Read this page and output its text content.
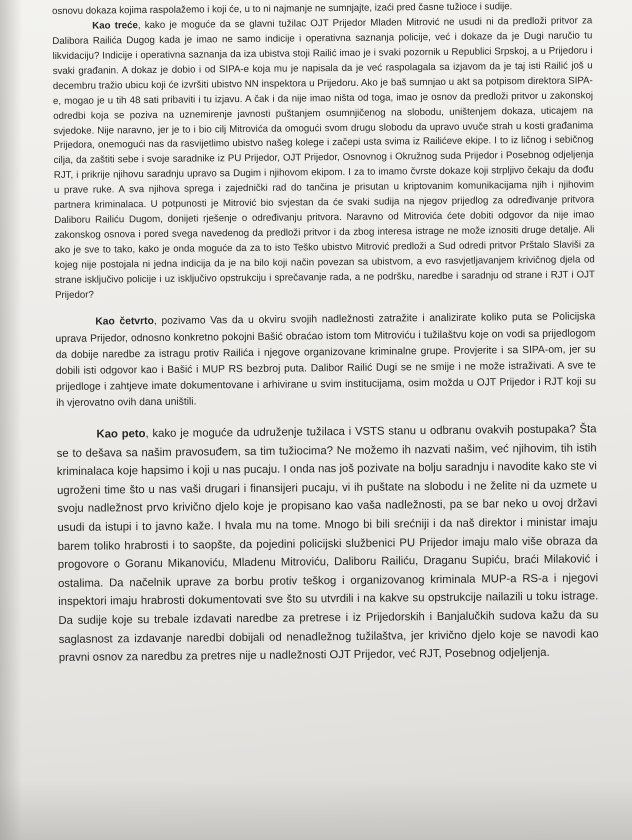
osnovu dokaza kojima raspolažemo i koji će, u to ni najmanje ne sumnjajte, izaći pred časne tužioce i sudije.

Kao treće, kako je moguće da se glavni tužilac OJT Prijedor Mladen Mitrović ne usudi ni da predloži pritvor za Dalibora Railića Dugog kada je imao ne samo indicije i operativna saznanja policije, već i dokaze da je Dugi naručio tu likvidaciju? Indicije i operativna saznanja da iza ubistva stoji Railić imao je i svaki pozornik u Republici Srpskoj, a u Prijedoru i svaki građanin. A dokaz je dobio i od SIPA-e koja mu je napisala da je već raspolagala sa izjavom da je taj isti Railić još u decembru tražio ubicu koji će izvršiti ubistvo NN inspektora u Prijedoru. Ako je baš sumnjao u akt sa potpisom direktora SIPA-e, mogao je u tih 48 sati pribaviti i tu izjavu. A čak i da nije imao ništa od toga, imao je osnov da predloži pritvor u zakonskoj odredbi koja se poziva na uznemirenje javnosti puštanjem osumnjičenog na slobodu, uništenjem dokaza, uticajem na svjedoke. Nije naravno, jer je to i bio cilj Mitrovića da omogući svom drugu slobodu da upravo uvuče strah u kosti građanima Prijedora, onemogući nas da rasvijetlimo ubistvo našeg kolege i začepi usta svima iz Railićeve ekipe. I to iz ličnog i sebičnog cilja, da zaštiti sebe i svoje saradnike iz PU Prijedor, OJT Prijedor, Osnovnog i Okružnog suda Prijedor i Posebnog odjeljenja RJT, i prikrije njihovu saradnju upravo sa Dugim i njihovom ekipom. I za to imamo čvrste dokaze koji strpljivo čekaju da dođu u prave ruke. A sva njihova sprega i zajednički rad do tančina je prisutan u kriptovanim komunikacijama njih i njihovim partnera kriminalaca. U potpunosti je Mitrović bio svjestan da će svaki sudija na njegov prijedlog za određivanje pritvora Daliboru Railiću Dugom, donijeti rješenje o određivanju pritvora. Naravno od Mitrovića ćete dobiti odgovor da nije imao zakonskog osnova i pored svega navedenog da predloži pritvor i da zbog interesa istrage ne može iznositi druge detalje. Ali ako je sve to tako, kako je onda moguće da za to isto Teško ubistvo Mitrović predloži a Sud odredi pritvor Prštalo Slaviši za kojeg nije postojala ni jedna indicija da je na bilo koji način povezan sa ubistvom, a evo rasvjetljavanjem krivičnog djela od strane isključivo policije i uz isključivo opstrukciju i sprečavanje rada, a ne podršku, naredbe i saradnju od strane i RJT i OJT Prijedor?

Kao četvrto, pozivamo Vas da u okviru svojih nadležnosti zatražite i analizirate koliko puta se Policijska uprava Prijedor, odnosno konkretno pokojni Bašić obraćao istom tom Mitroviću i tužilaštvu koje on vodi sa prijedlogom da dobije naredbe za istragu protiv Railića i njegove organizovane kriminalne grupe. Provjerite i sa SIPA-om, jer su dobili isti odgovor kao i Bašić i MUP RS bezbroj puta. Dalibor Railić Dugi se ne smije i ne može istraživati. A sve te prijedloge i zahtjeve imate dokumentovane i arhivirane u svim institucijama, osim možda u OJT Prijedor i RJT koji su ih vjerovatno ovih dana uništili.

Kao peto, kako je moguće da udruženje tužilaca i VSTS stanu u odbranu ovakvih postupaka? Šta se to dešava sa našim pravosuđem, sa tim tužiocima? Ne možemo ih nazvati našim, već njihovim, tih istih kriminalaca koje hapsimo i koji u nas pucaju. I onda nas još pozivate na bolju saradnju i navodite kako ste vi ugroženi time što u nas vaši drugari i finansijeri pucaju, vi ih puštate na slobodu i ne želite ni da uzmete u svoju nadležnost prvo krivično djelo koje je propisano kao vaša nadležnosti, pa se bar neko u ovoj državi usudi da istupi i to javno kaže. I hvala mu na tome. Mnogo bi bili srećniji i da naš direktor i ministar imaju barem toliko hrabrosti i to saopšte, da pojedini policijski službenici PU Prijedor imaju malo više obraza da progovore o Goranu Mikanoviću, Mladenu Mitroviću, Daliboru Railiću, Draganu Supiću, braći Milaković i ostalima. Da načelnik uprave za borbu protiv teškog i organizovanog kriminala MUP-a RS-a i njegovi inspektori imaju hrabrosti dokumentovati sve što su utvrdili i na kakve su opstrukcije nailazili u toku istrage. Da sudije koje su trebale izdavati naredbe za pretrese i iz Prijedorskih i Banjalučkih sudova kažu da su saglasnost za izdavanje naredbi dobijali od nenadležnog tužilaštva, jer krivično djelo koje se navodi kao pravni osnov za naredbu za pretres nije u nadležnosti OJT Prijedor, već RJT, Posebnog odjeljenja.
